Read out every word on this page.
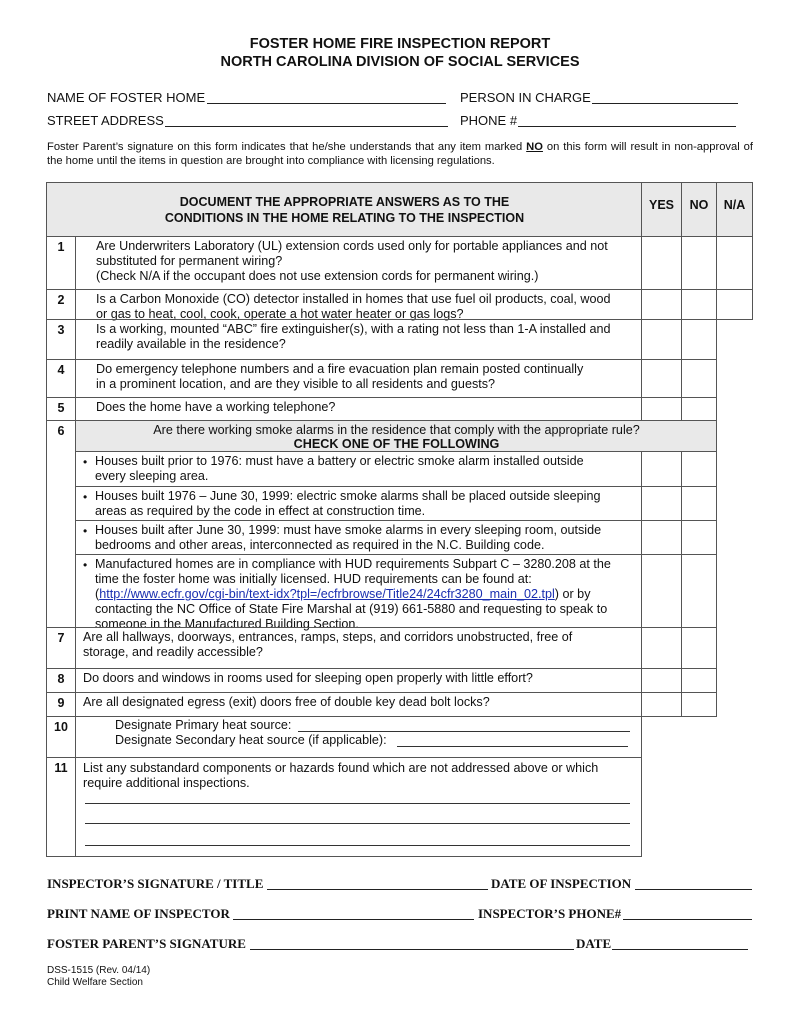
FOSTER HOME FIRE INSPECTION REPORT
NORTH CAROLINA DIVISION OF SOCIAL SERVICES
NAME OF FOSTER HOME	PERSON IN CHARGE
STREET ADDRESS	PHONE #
Foster Parent’s signature on this form indicates that he/she understands that any item marked NO on this form will result in non-approval of the home until the items in question are brought into compliance with licensing regulations.
DOCUMENT THE APPROPRIATE ANSWERS AS TO THE
CONDITIONS IN THE HOME RELATING TO THE INSPECTION
YES	NO	N/A
1	Are Underwriters Laboratory (UL) extension cords used only for portable appliances and not
substituted for permanent wiring?
(Check N/A if the occupant does not use extension cords for permanent wiring.)
2	Is a Carbon Monoxide (CO) detector installed in homes that use fuel oil products, coal, wood
or gas to heat, cool, cook, operate a hot water heater or gas logs?
3	Is a working, mounted “ABC” fire extinguisher(s), with a rating not less than 1-A installed and
readily available in the residence?
4	Do emergency telephone numbers and a fire evacuation plan remain posted continually
in a prominent location, and are they visible to all residents and guests?
5	Does the home have a working telephone?
6	Are there working smoke alarms in the residence that comply with the appropriate rule?
CHECK ONE OF THE FOLLOWING
• Houses built prior to 1976: must have a battery or electric smoke alarm installed outside
every sleeping area.
• Houses built 1976 – June 30, 1999: electric smoke alarms shall be placed outside sleeping
areas as required by the code in effect at construction time.
• Houses built after June 30, 1999: must have smoke alarms in every sleeping room, outside
bedrooms and other areas, interconnected as required in the N.C. Building code.
• Manufactured homes are in compliance with HUD requirements Subpart C – 3280.208 at the
time the foster home was initially licensed. HUD requirements can be found at:
(http://www.ecfr.gov/cgi-bin/text-idx?tpl=/ecfrbrowse/Title24/24cfr3280_main_02.tpl) or by
contacting the NC Office of State Fire Marshal at (919) 661-5880 and requesting to speak to
someone in the Manufactured Building Section.
7	Are all hallways, doorways, entrances, ramps, steps, and corridors unobstructed, free of
storage, and readily accessible?
8	Do doors and windows in rooms used for sleeping open properly with little effort?
9	Are all designated egress (exit) doors free of double key dead bolt locks?
10	Designate Primary heat source:
Designate Secondary heat source (if applicable):
11	List any substandard components or hazards found which are not addressed above or which
require additional inspections.
INSPECTOR’S SIGNATURE / TITLE	DATE OF INSPECTION
PRINT NAME OF INSPECTOR	INSPECTOR’S PHONE#
FOSTER PARENT’S SIGNATURE	DATE
DSS-1515 (Rev. 04/14)
Child Welfare Section
